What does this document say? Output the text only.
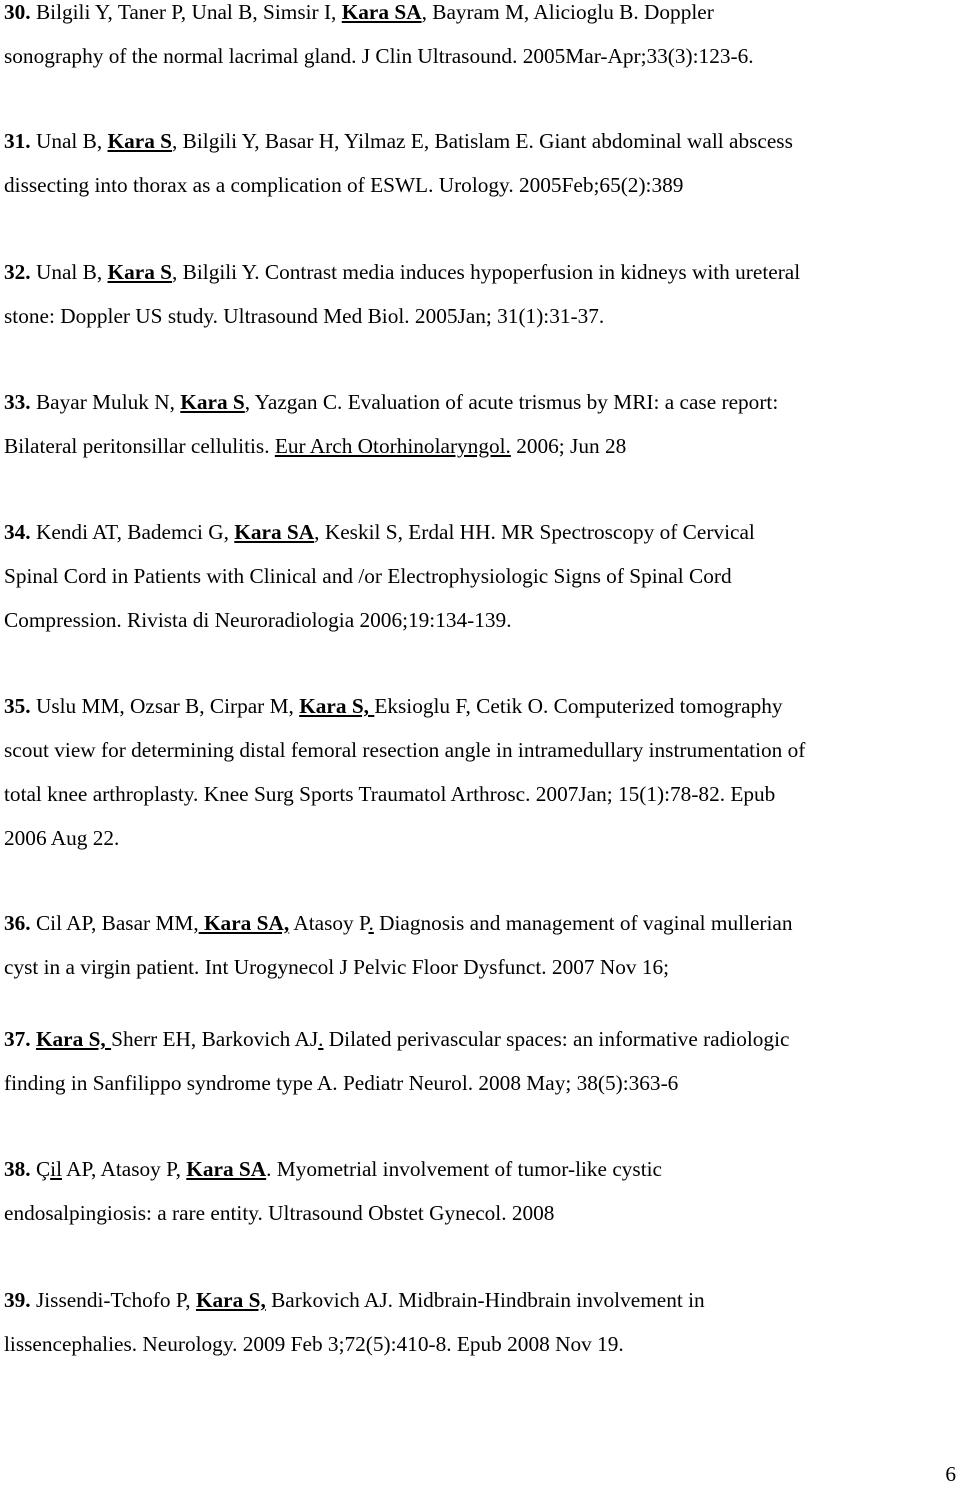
30. Bilgili Y, Taner P, Unal B, Simsir I, Kara SA, Bayram M, Alicioglu B. Doppler
sonography of the normal lacrimal gland. J Clin Ultrasound. 2005Mar-Apr;33(3):123-6.
31. Unal B, Kara S, Bilgili Y, Basar H, Yilmaz E, Batislam E. Giant abdominal wall abscess
dissecting into thorax as a complication of ESWL. Urology. 2005Feb;65(2):389
32. Unal B, Kara S, Bilgili Y. Contrast media induces hypoperfusion in kidneys with ureteral
stone: Doppler US study. Ultrasound Med Biol. 2005Jan; 31(1):31-37.
33. Bayar Muluk N, Kara S, Yazgan C. Evaluation of acute trismus by MRI: a case report:
Bilateral peritonsillar cellulitis. Eur Arch Otorhinolaryngol. 2006; Jun 28
34. Kendi AT, Bademci G, Kara SA, Keskil S, Erdal HH. MR Spectroscopy of Cervical
Spinal Cord in Patients with Clinical and /or Electrophysiologic Signs of Spinal Cord
Compression. Rivista di Neuroradiologia 2006;19:134-139.
35. Uslu MM, Ozsar B, Cirpar M, Kara S, Eksioglu F, Cetik O. Computerized tomography
scout view for determining distal femoral resection angle in intramedullary instrumentation of
total knee arthroplasty. Knee Surg Sports Traumatol Arthrosc. 2007Jan; 15(1):78-82. Epub
2006 Aug 22.
36. Cil AP, Basar MM, Kara SA, Atasoy P. Diagnosis and management of vaginal mullerian
cyst in a virgin patient. Int Urogynecol J Pelvic Floor Dysfunct. 2007 Nov 16;
37. Kara S, Sherr EH, Barkovich AJ. Dilated perivascular spaces: an informative radiologic
finding in Sanfilippo syndrome type A. Pediatr Neurol. 2008 May; 38(5):363-6
38. Çil AP, Atasoy P, Kara SA. Myometrial involvement of tumor-like cystic
endosalpingiosis: a rare entity. Ultrasound Obstet Gynecol. 2008
39. Jissendi-Tchofo P, Kara S, Barkovich AJ. Midbrain-Hindbrain involvement in
lissencephalies. Neurology. 2009 Feb 3;72(5):410-8. Epub 2008 Nov 19.
6
